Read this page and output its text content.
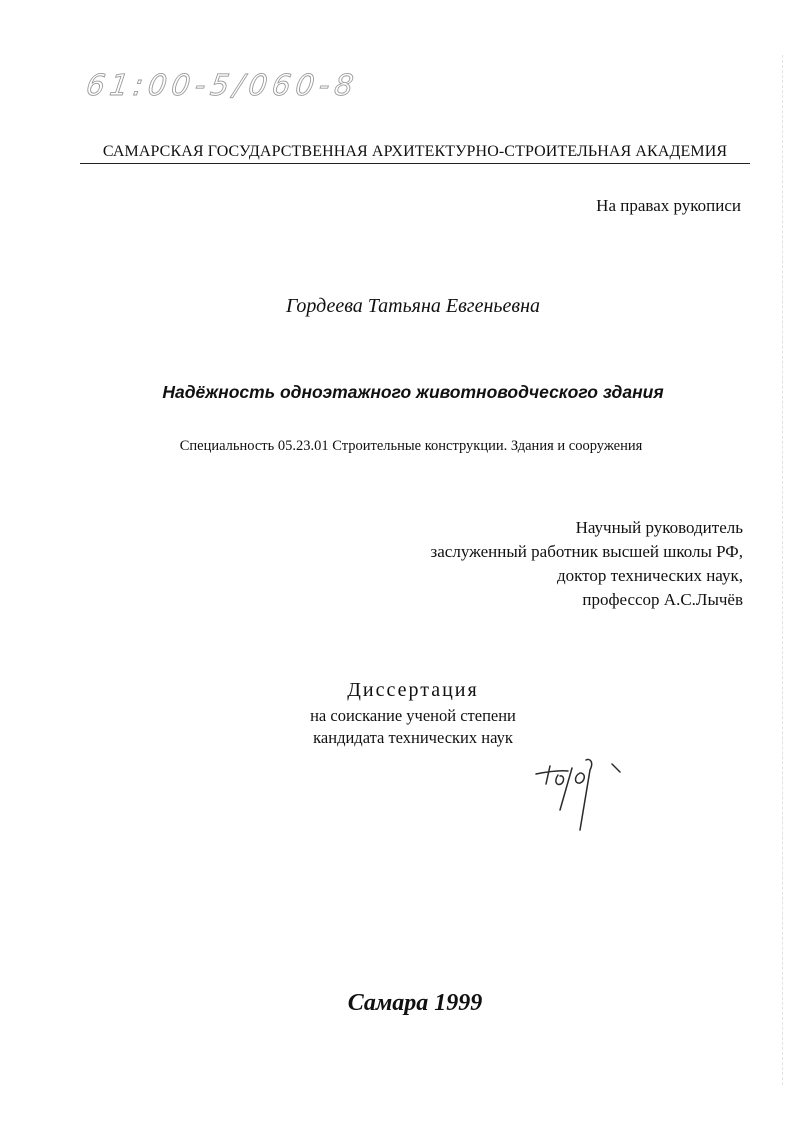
61:00-5/060-8
САМАРСКАЯ ГОСУДАРСТВЕННАЯ АРХИТЕКТУРНО-СТРОИТЕЛЬНАЯ АКАДЕМИЯ
На правах рукописи
Гордеева Татьяна Евгеньевна
Надёжность одноэтажного животноводческого здания
Специальность 05.23.01 Строительные конструкции. Здания и сооружения
Научный руководитель
заслуженный работник высшей школы РФ,
доктор технических наук,
профессор А.С.Лычёв
Диссертация
на соискание ученой степени
кандидата технических наук
Самара 1999
